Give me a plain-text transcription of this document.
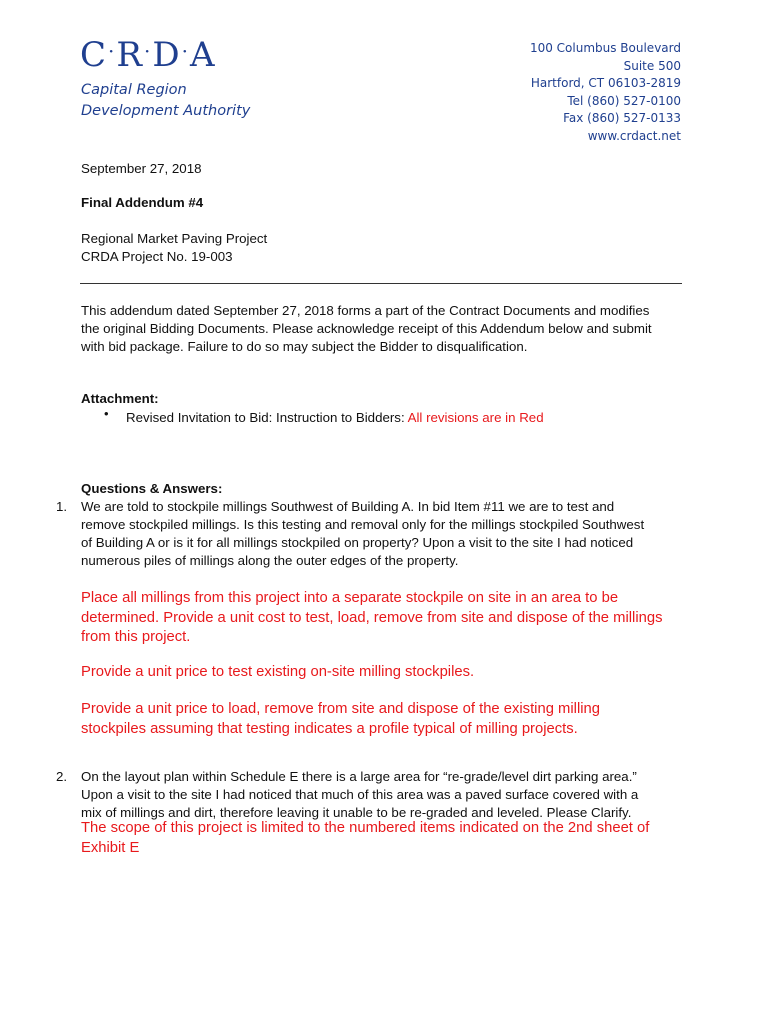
C·R·D·A
Capital Region
Development Authority
100 Columbus Boulevard
Suite 500
Hartford, CT 06103-2819
Tel (860) 527-0100
Fax (860) 527-0133
www.crdact.net
September 27, 2018
Final Addendum #4
Regional Market Paving Project
CRDA Project No. 19-003
This addendum dated September 27, 2018 forms a part of the Contract Documents and modifies
the original Bidding Documents. Please acknowledge receipt of this Addendum below and submit
with bid package. Failure to do so may subject the Bidder to disqualification.
Attachment:
• Revised Invitation to Bid: Instruction to Bidders: All revisions are in Red
Questions & Answers:
1. We are told to stockpile millings Southwest of Building A. In bid Item #11 we are to test and
remove stockpiled millings. Is this testing and removal only for the millings stockpiled Southwest
of Building A or is it for all millings stockpiled on property? Upon a visit to the site I had noticed
numerous piles of millings along the outer edges of the property.
Place all millings from this project into a separate stockpile on site in an area to be
determined. Provide a unit cost to test, load, remove from site and dispose of the millings
from this project.
Provide a unit price to test existing on-site milling stockpiles.
Provide a unit price to load, remove from site and dispose of the existing milling
stockpiles assuming that testing indicates a profile typical of milling projects.
2. On the layout plan within Schedule E there is a large area for “re-grade/level dirt parking area.”
Upon a visit to the site I had noticed that much of this area was a paved surface covered with a
mix of millings and dirt, therefore leaving it unable to be re-graded and leveled. Please Clarify.
The scope of this project is limited to the numbered items indicated on the 2nd sheet of
Exhibit E
